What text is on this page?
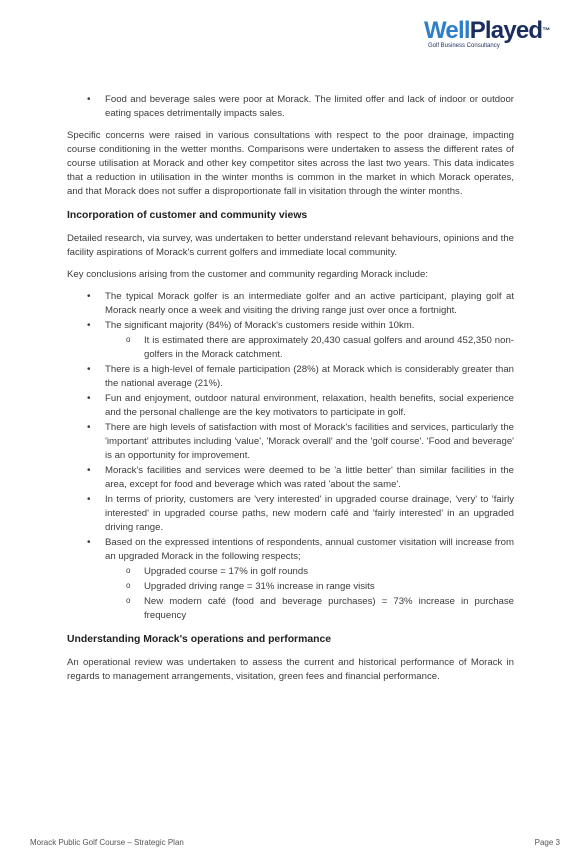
WellPlayed™
Golf Business Consultancy
• Food and beverage sales were poor at Morack. The limited offer and lack of indoor or outdoor eating spaces detrimentally impacts sales.

Specific concerns were raised in various consultations with respect to the poor drainage, impacting course conditioning in the wetter months. Comparisons were undertaken to assess the different rates of course utilisation at Morack and other key competitor sites across the last two years. This data indicates that a reduction in utilisation in the winter months is common in the market in which Morack operates, and that Morack does not suffer a disproportionate fall in visitation through the winter months.

Incorporation of customer and community views

Detailed research, via survey, was undertaken to better understand relevant behaviours, opinions and the facility aspirations of Morack's current golfers and immediate local community.

Key conclusions arising from the customer and community regarding Morack include:

• The typical Morack golfer is an intermediate golfer and an active participant, playing golf at Morack nearly once a week and visiting the driving range just over once a fortnight.
• The significant majority (84%) of Morack's customers reside within 10km.
o It is estimated there are approximately 20,430 casual golfers and around 452,350 non-golfers in the Morack catchment.
• There is a high-level of female participation (28%) at Morack which is considerably greater than the national average (21%).
• Fun and enjoyment, outdoor natural environment, relaxation, health benefits, social experience and the personal challenge are the key motivators to participate in golf.
• There are high levels of satisfaction with most of Morack's facilities and services, particularly the 'important' attributes including 'value', 'Morack overall' and the 'golf course'. 'Food and beverage' is an opportunity for improvement.
• Morack's facilities and services were deemed to be 'a little better' than similar facilities in the area, except for food and beverage which was rated 'about the same'.
• In terms of priority, customers are 'very interested' in upgraded course drainage, 'very' to 'fairly interested' in upgraded course paths, new modern café and 'fairly interested' in an upgraded driving range.
• Based on the expressed intentions of respondents, annual customer visitation will increase from an upgraded Morack in the following respects;
o Upgraded course = 17% in golf rounds
o Upgraded driving range = 31% increase in range visits
o New modern café (food and beverage purchases) = 73% increase in purchase frequency
Understanding Morack's operations and performance

An operational review was undertaken to assess the current and historical performance of Morack in regards to management arrangements, visitation, green fees and financial performance.

Morack Public Golf Course – Strategic Plan	Page 3
